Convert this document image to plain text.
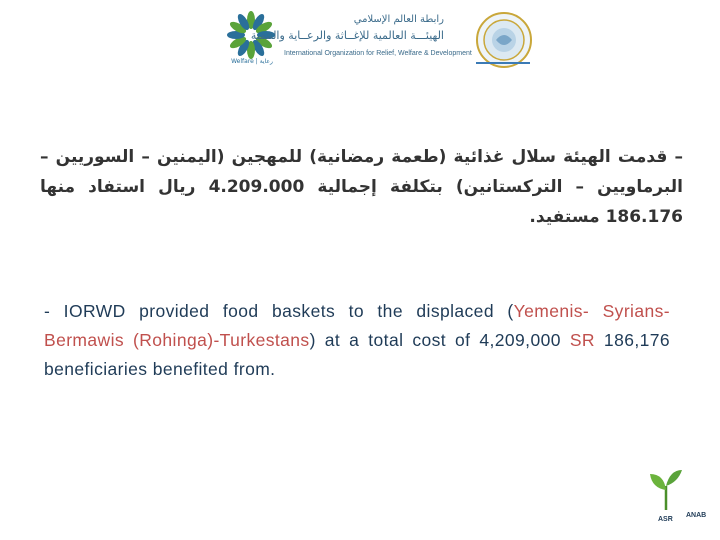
Welfare | رعاية
رابطة العالم الإسلامي
الهيئـــة العالمية للإغــاثة والرعــاية والتنمية
International Organization for Relief, Welfare & Development
– قدمت الهيئة سلال غذائية (طعمة رمضانية) للمهجين (اليمنين – السوريين – البرماويين – التركستانين) بتكلفة إجمالية 4.209.000 ريال استفاد منها 186.176 مستفيد.
- IORWD provided food baskets to the displaced (Yemenis- Syrians- Bermawis (Rohinga)-Turkestans) at a total cost of 4,209,000 SR 186,176 beneficiaries benefited from.
ASR
ANAB
